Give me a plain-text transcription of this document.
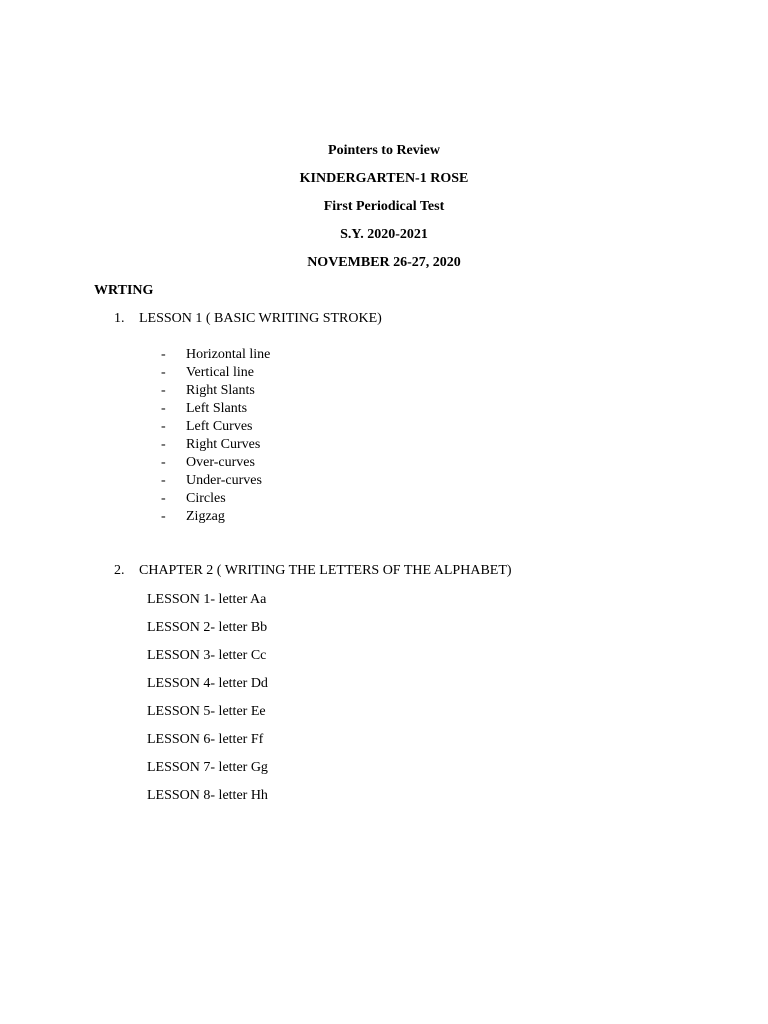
Pointers to Review
KINDERGARTEN-1 ROSE
First Periodical Test
S.Y. 2020-2021
NOVEMBER 26-27, 2020
WRTING
1. LESSON 1 ( BASIC WRITING STROKE)
- Horizontal line
- Vertical line
- Right Slants
- Left Slants
- Left Curves
- Right Curves
- Over-curves
- Under-curves
- Circles
- Zigzag
2. CHAPTER 2 ( WRITING THE LETTERS OF THE ALPHABET)
LESSON 1- letter Aa
LESSON 2- letter Bb
LESSON 3- letter Cc
LESSON 4- letter Dd
LESSON 5- letter Ee
LESSON 6- letter Ff
LESSON 7- letter Gg
LESSON 8- letter Hh
